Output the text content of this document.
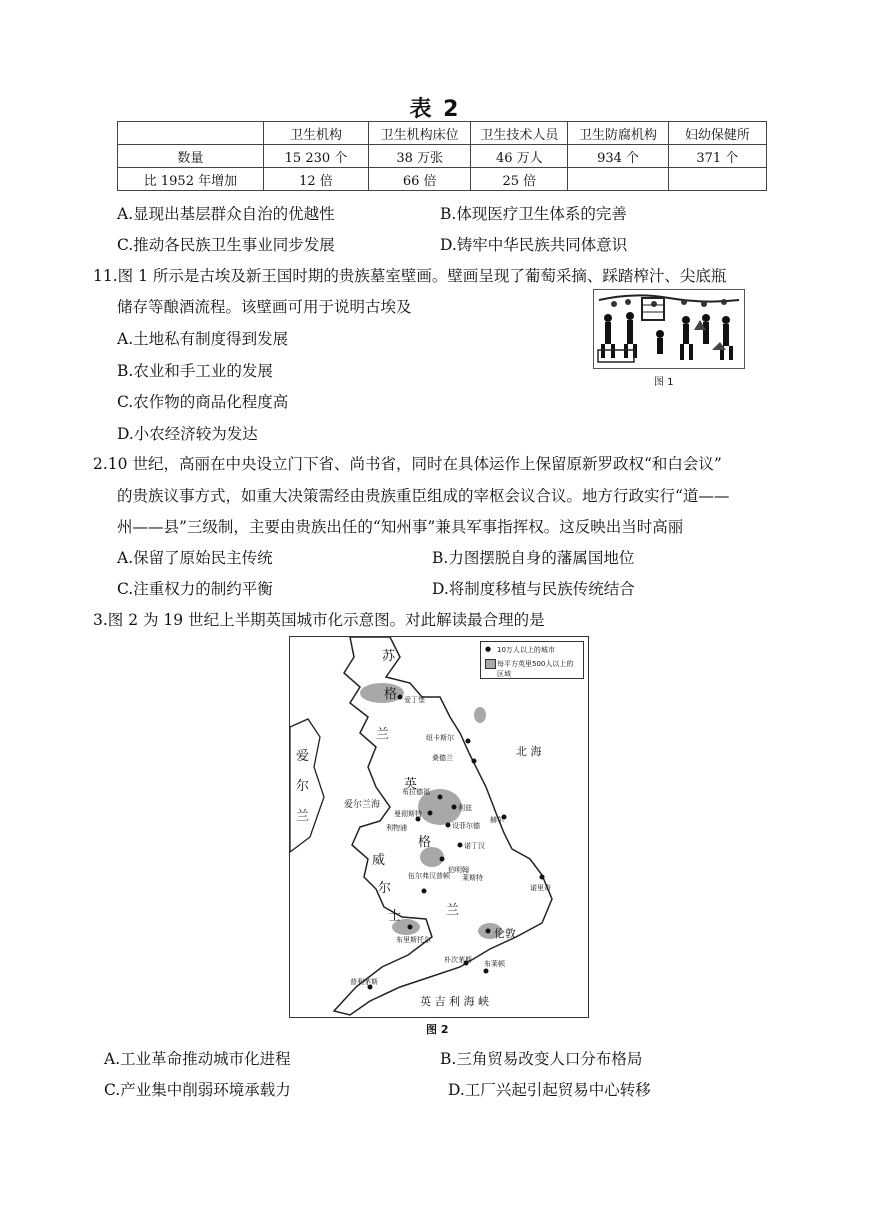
表 2
	卫生机构	卫生机构床位	卫生技术人员	卫生防腐机构	妇幼保健所
数量	15 230 个	38 万张	46 万人	934 个	371 个
比 1952 年增加	12 倍	66 倍	25 倍		
A.显现出基层群众自治的优越性	B.体现医疗卫生体系的完善
C.推动各民族卫生事业同步发展	D.铸牢中华民族共同体意识
11.图 1 所示是古埃及新王国时期的贵族墓室壁画。壁画呈现了葡萄采摘、踩踏榨汁、尖底瓶
储存等酿酒流程。该壁画可用于说明古埃及
A.土地私有制度得到发展
B.农业和手工业的发展
C.农作物的商品化程度高
D.小农经济较为发达
图 1
2.10 世纪，高丽在中央设立门下省、尚书省，同时在具体运作上保留原新罗政权“和白会议”
的贵族议事方式，如重大决策需经由贵族重臣组成的宰枢会议合议。地方行政实行“道——
州——县”三级制，主要由贵族出任的“知州事”兼具军事指挥权。这反映出当时高丽
A.保留了原始民主传统	B.力图摆脱自身的藩属国地位
C.注重权力的制约平衡	D.将制度移植与民族传统结合
3.图 2 为 19 世纪上半期英国城市化示意图。对此解读最合理的是
● 10万人以上的城市
每平方英里500人以上的区域
苏
格
兰
爱
尔
兰
英
格
兰
威
尔
士
北 海
爱尔兰海
英 吉 利 海 峡
伦敦
爱丁堡
纽卡斯尔
桑德兰
布拉德福
利兹
曼彻斯特
利物浦	设菲尔德
诺丁汉
伯明翰
布里斯托尔
朴次茅斯 布莱顿
普利茅斯
赫尔
诺里奇
莱斯特
伍尔弗汉普顿
图 2
A.工业革命推动城市化进程	B.三角贸易改变人口分布格局
C.产业集中削弱环境承载力	D.工厂兴起引起贸易中心转移
